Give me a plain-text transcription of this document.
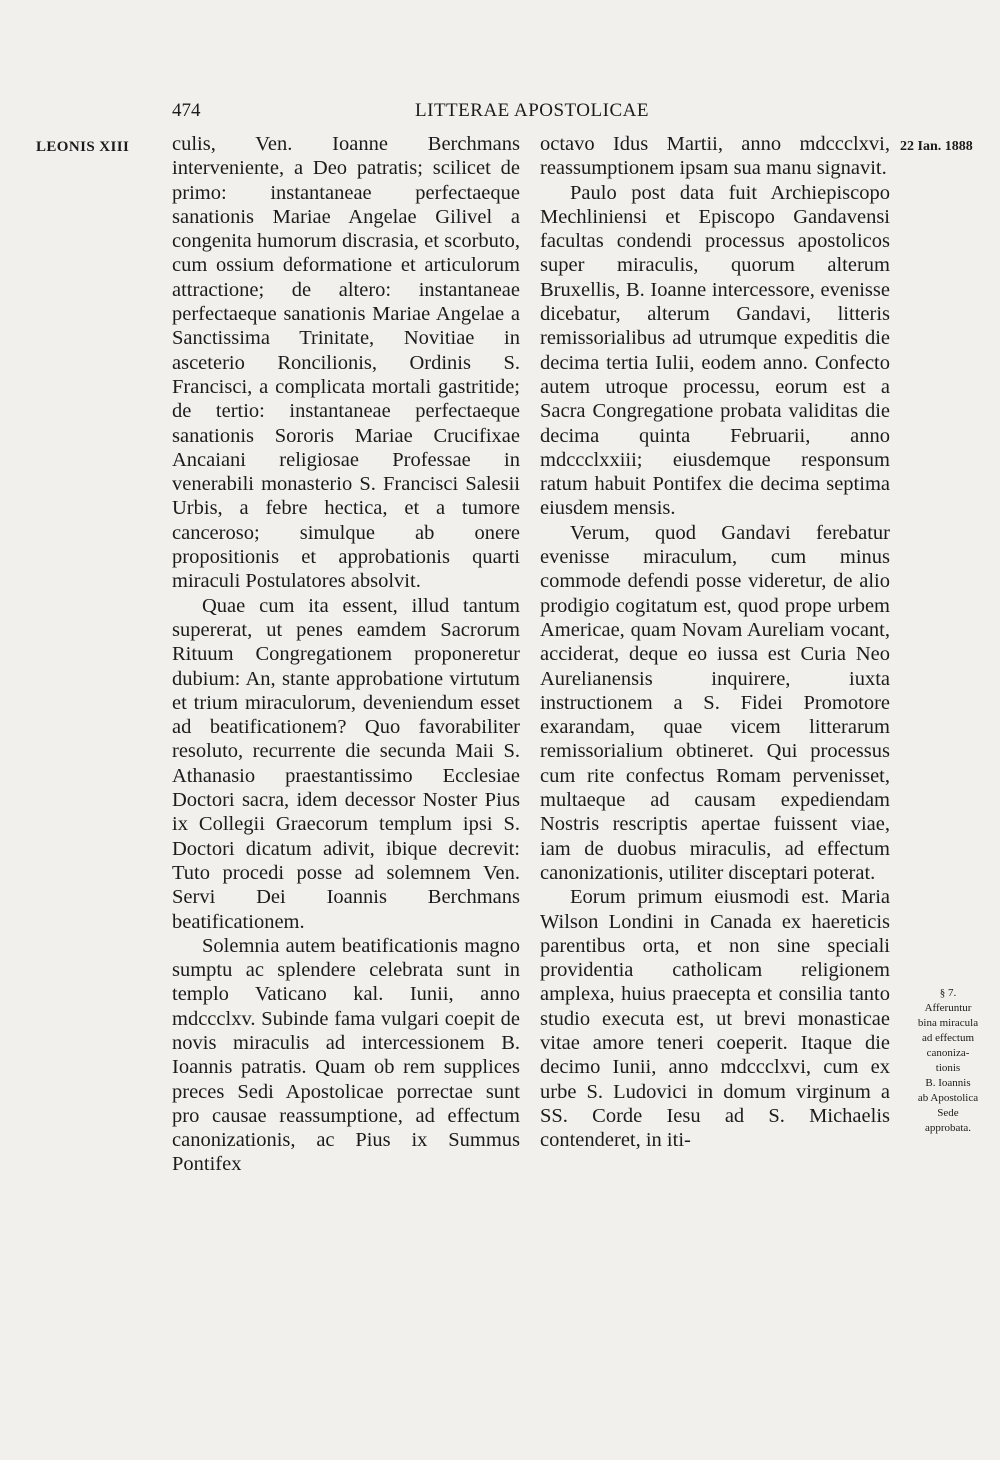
474	LITTERAE APOSTOLICAE
LEONIS XIII	22 Ian. 1888
§ 7.
Afferuntur
bina miracula
ad effectum
canoniza-
tionis
B. Ioannis
ab Apostolica
Sede
approbata.

culis, Ven. Ioanne Berchmans interveniente, a Deo patratis; scilicet de primo: instantaneae perfectaeque sanationis Mariae Angelae Gilivel a congenita humorum discrasia, et scorbuto, cum ossium deformatione et articulorum attractione; de altero: instantaneae perfectaeque sanationis Mariae Angelae a Sanctissima Trinitate, Novitiae in asceterio Roncilionis, Ordinis S. Francisci, a complicata mortali gastritide; de tertio: instantaneae perfectaeque sanationis Sororis Mariae Crucifixae Ancaiani religiosae Professae in venerabili monasterio S. Francisci Salesii Urbis, a febre hectica, et a tumore canceroso; simulque ab onere propositionis et approbationis quarti miraculi Postulatores absolvit.

Quae cum ita essent, illud tantum supererat, ut penes eamdem Sacrorum Rituum Congregationem proponeretur dubium: An, stante approbatione virtutum et trium miraculorum, deveniendum esset ad beatificationem? Quo favorabiliter resoluto, recurrente die secunda Maii S. Athanasio praestantissimo Ecclesiae Doctori sacra, idem decessor Noster Pius ix Collegii Graecorum templum ipsi S. Doctori dicatum adivit, ibique decrevit: Tuto procedi posse ad solemnem Ven. Servi Dei Ioannis Berchmans beatificationem.

Solemnia autem beatificationis magno sumptu ac splendere celebrata sunt in templo Vaticano kal. Iunii, anno mdccclxv. Subinde fama vulgari coepit de novis miraculis ad intercessionem B. Ioannis patratis. Quam ob rem supplices preces Sedi Apostolicae porrectae sunt pro causae reassumptione, ad effectum canonizationis, ac Pius ix Summus Pontifex

octavo Idus Martii, anno mdccclxvi, reassumptionem ipsam sua manu signavit.

Paulo post data fuit Archiepiscopo Mechliniensi et Episcopo Gandavensi facultas condendi processus apostolicos super miraculis, quorum alterum Bruxellis, B. Ioanne intercessore, evenisse dicebatur, alterum Gandavi, litteris remissorialibus ad utrumque expeditis die decima tertia Iulii, eodem anno. Confecto autem utroque processu, eorum est a Sacra Congregatione probata validitas die decima quinta Februarii, anno mdccclxxiii; eiusdemque responsum ratum habuit Pontifex die decima septima eiusdem mensis.

Verum, quod Gandavi ferebatur evenisse miraculum, cum minus commode defendi posse videretur, de alio prodigio cogitatum est, quod prope urbem Americae, quam Novam Aureliam vocant, acciderat, deque eo iussa est Curia Neo Aurelianensis inquirere, iuxta instructionem a S. Fidei Promotore exarandam, quae vicem litterarum remissorialium obtineret. Qui processus cum rite confectus Romam pervenisset, multaeque ad causam expediendam Nostris rescriptis apertae fuissent viae, iam de duobus miraculis, ad effectum canonizationis, utiliter disceptari poterat.

Eorum primum eiusmodi est. Maria Wilson Londini in Canada ex haereticis parentibus orta, et non sine speciali providentia catholicam religionem amplexa, huius praecepta et consilia tanto studio executa est, ut brevi monasticae vitae amore teneri coeperit. Itaque die decimo Iunii, anno mdccclxvi, cum ex urbe S. Ludovici in domum virginum a SS. Corde Iesu ad S. Michaelis contenderet, in iti-
